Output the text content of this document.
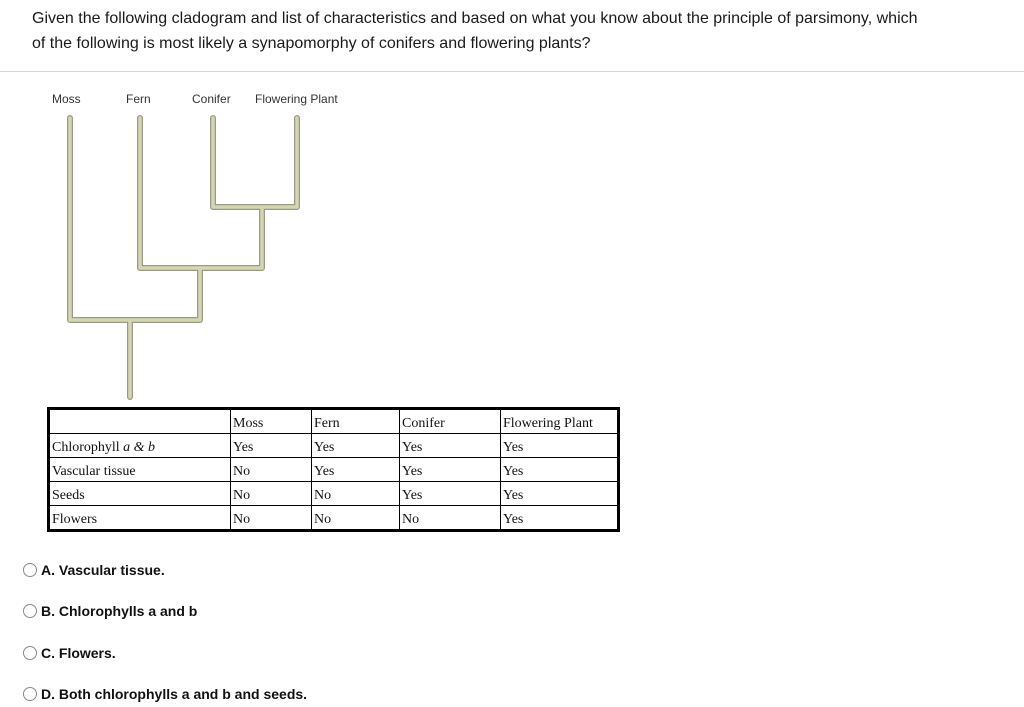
Given the following cladogram and list of characteristics and based on what you know about the principle of parsimony, which
of the following is most likely a synapomorphy of conifers and flowering plants?
Moss	Fern	Conifer Flowering Plant
	Moss	Fern	Conifer	Flowering Plant
Chlorophyll a & b	Yes	Yes	Yes	Yes
Vascular tissue	No	Yes	Yes	Yes
Seeds	No	No	Yes	Yes
Flowers	No	No	No	Yes
A. Vascular tissue.
B. Chlorophylls a and b
C. Flowers.
D. Both chlorophylls a and b and seeds.
